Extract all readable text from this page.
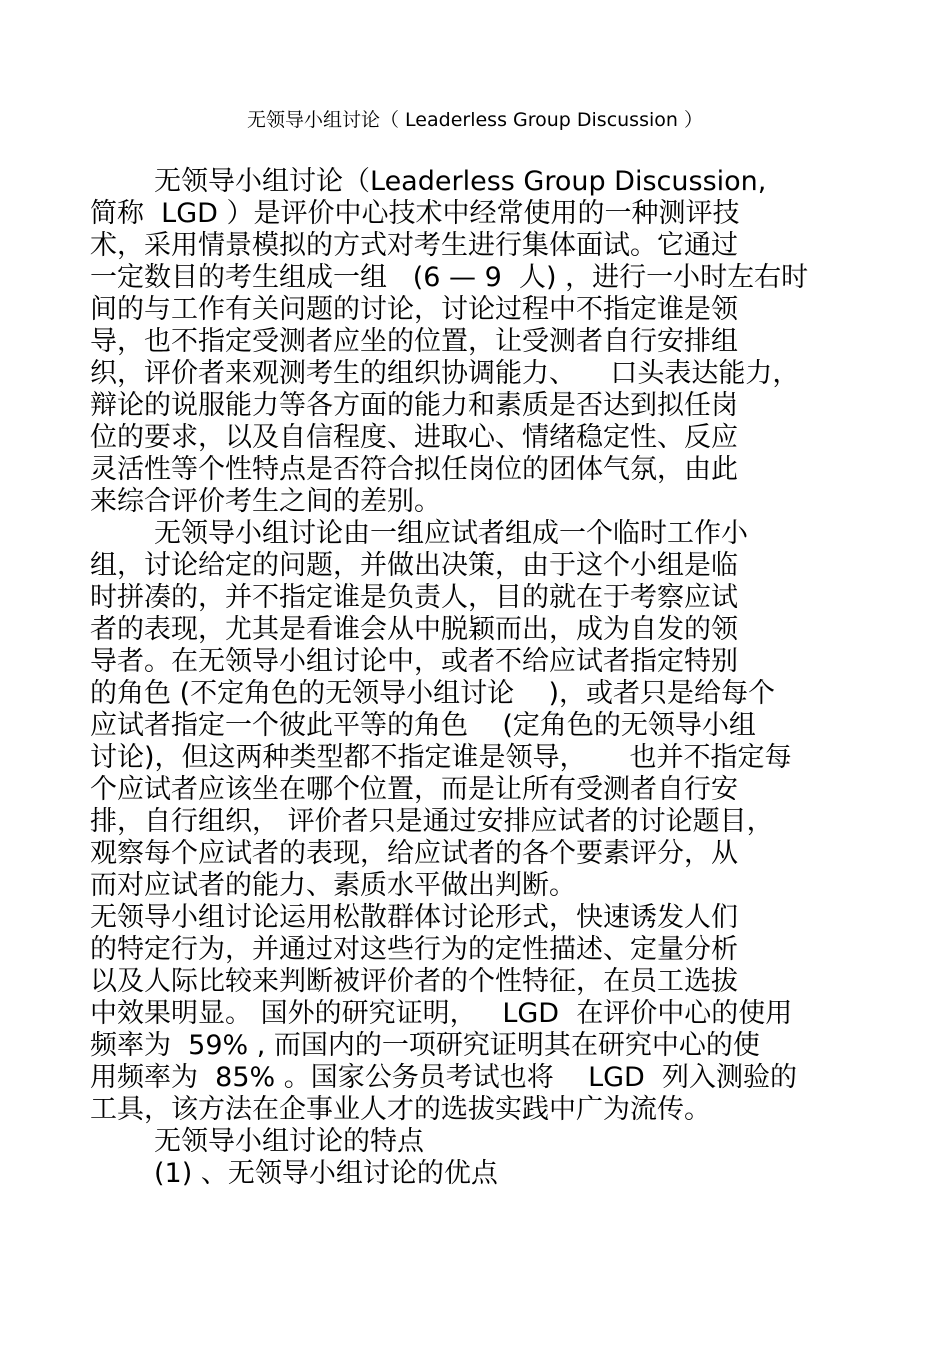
无领导小组讨论（ Leaderless Group Discussion ）
无领导小组讨论（Leaderless Group Discussion,
简称  LGD ）是评价中心技术中经常使用的一种测评技
术，采用情景模拟的方式对考生进行集体面试。它通过
一定数目的考生组成一组   (6 — 9  人) ，进行一小时左右时
间的与工作有关问题的讨论，讨论过程中不指定谁是领
导，也不指定受测者应坐的位置，让受测者自行安排组
织，评价者来观测考生的组织协调能力、    口头表达能力，
辩论的说服能力等各方面的能力和素质是否达到拟任岗
位的要求，以及自信程度、进取心、情绪稳定性、反应
灵活性等个性特点是否符合拟任岗位的团体气氛，由此
来综合评价考生之间的差别。
无领导小组讨论由一组应试者组成一个临时工作小
组，讨论给定的问题，并做出决策，由于这个小组是临
时拼凑的，并不指定谁是负责人，目的就在于考察应试
者的表现，尤其是看谁会从中脱颖而出，成为自发的领
导者。在无领导小组讨论中，或者不给应试者指定特别
的角色 (不定角色的无领导小组讨论    )，或者只是给每个
应试者指定一个彼此平等的角色    (定角色的无领导小组
讨论)，但这两种类型都不指定谁是领导，     也并不指定每
个应试者应该坐在哪个位置，而是让所有受测者自行安
排，自行组织， 评价者只是通过安排应试者的讨论题目，
观察每个应试者的表现，给应试者的各个要素评分，从
而对应试者的能力、素质水平做出判断。
无领导小组讨论运用松散群体讨论形式，快速诱发人们
的特定行为，并通过对这些行为的定性描述、定量分析
以及人际比较来判断被评价者的个性特征，在员工选拔
中效果明显。 国外的研究证明，   LGD  在评价中心的使用
频率为  59% , 而国内的一项研究证明其在研究中心的使
用频率为  85% 。国家公务员考试也将    LGD  列入测验的
工具，该方法在企事业人才的选拔实践中广为流传。
无领导小组讨论的特点
(1) 、无领导小组讨论的优点
